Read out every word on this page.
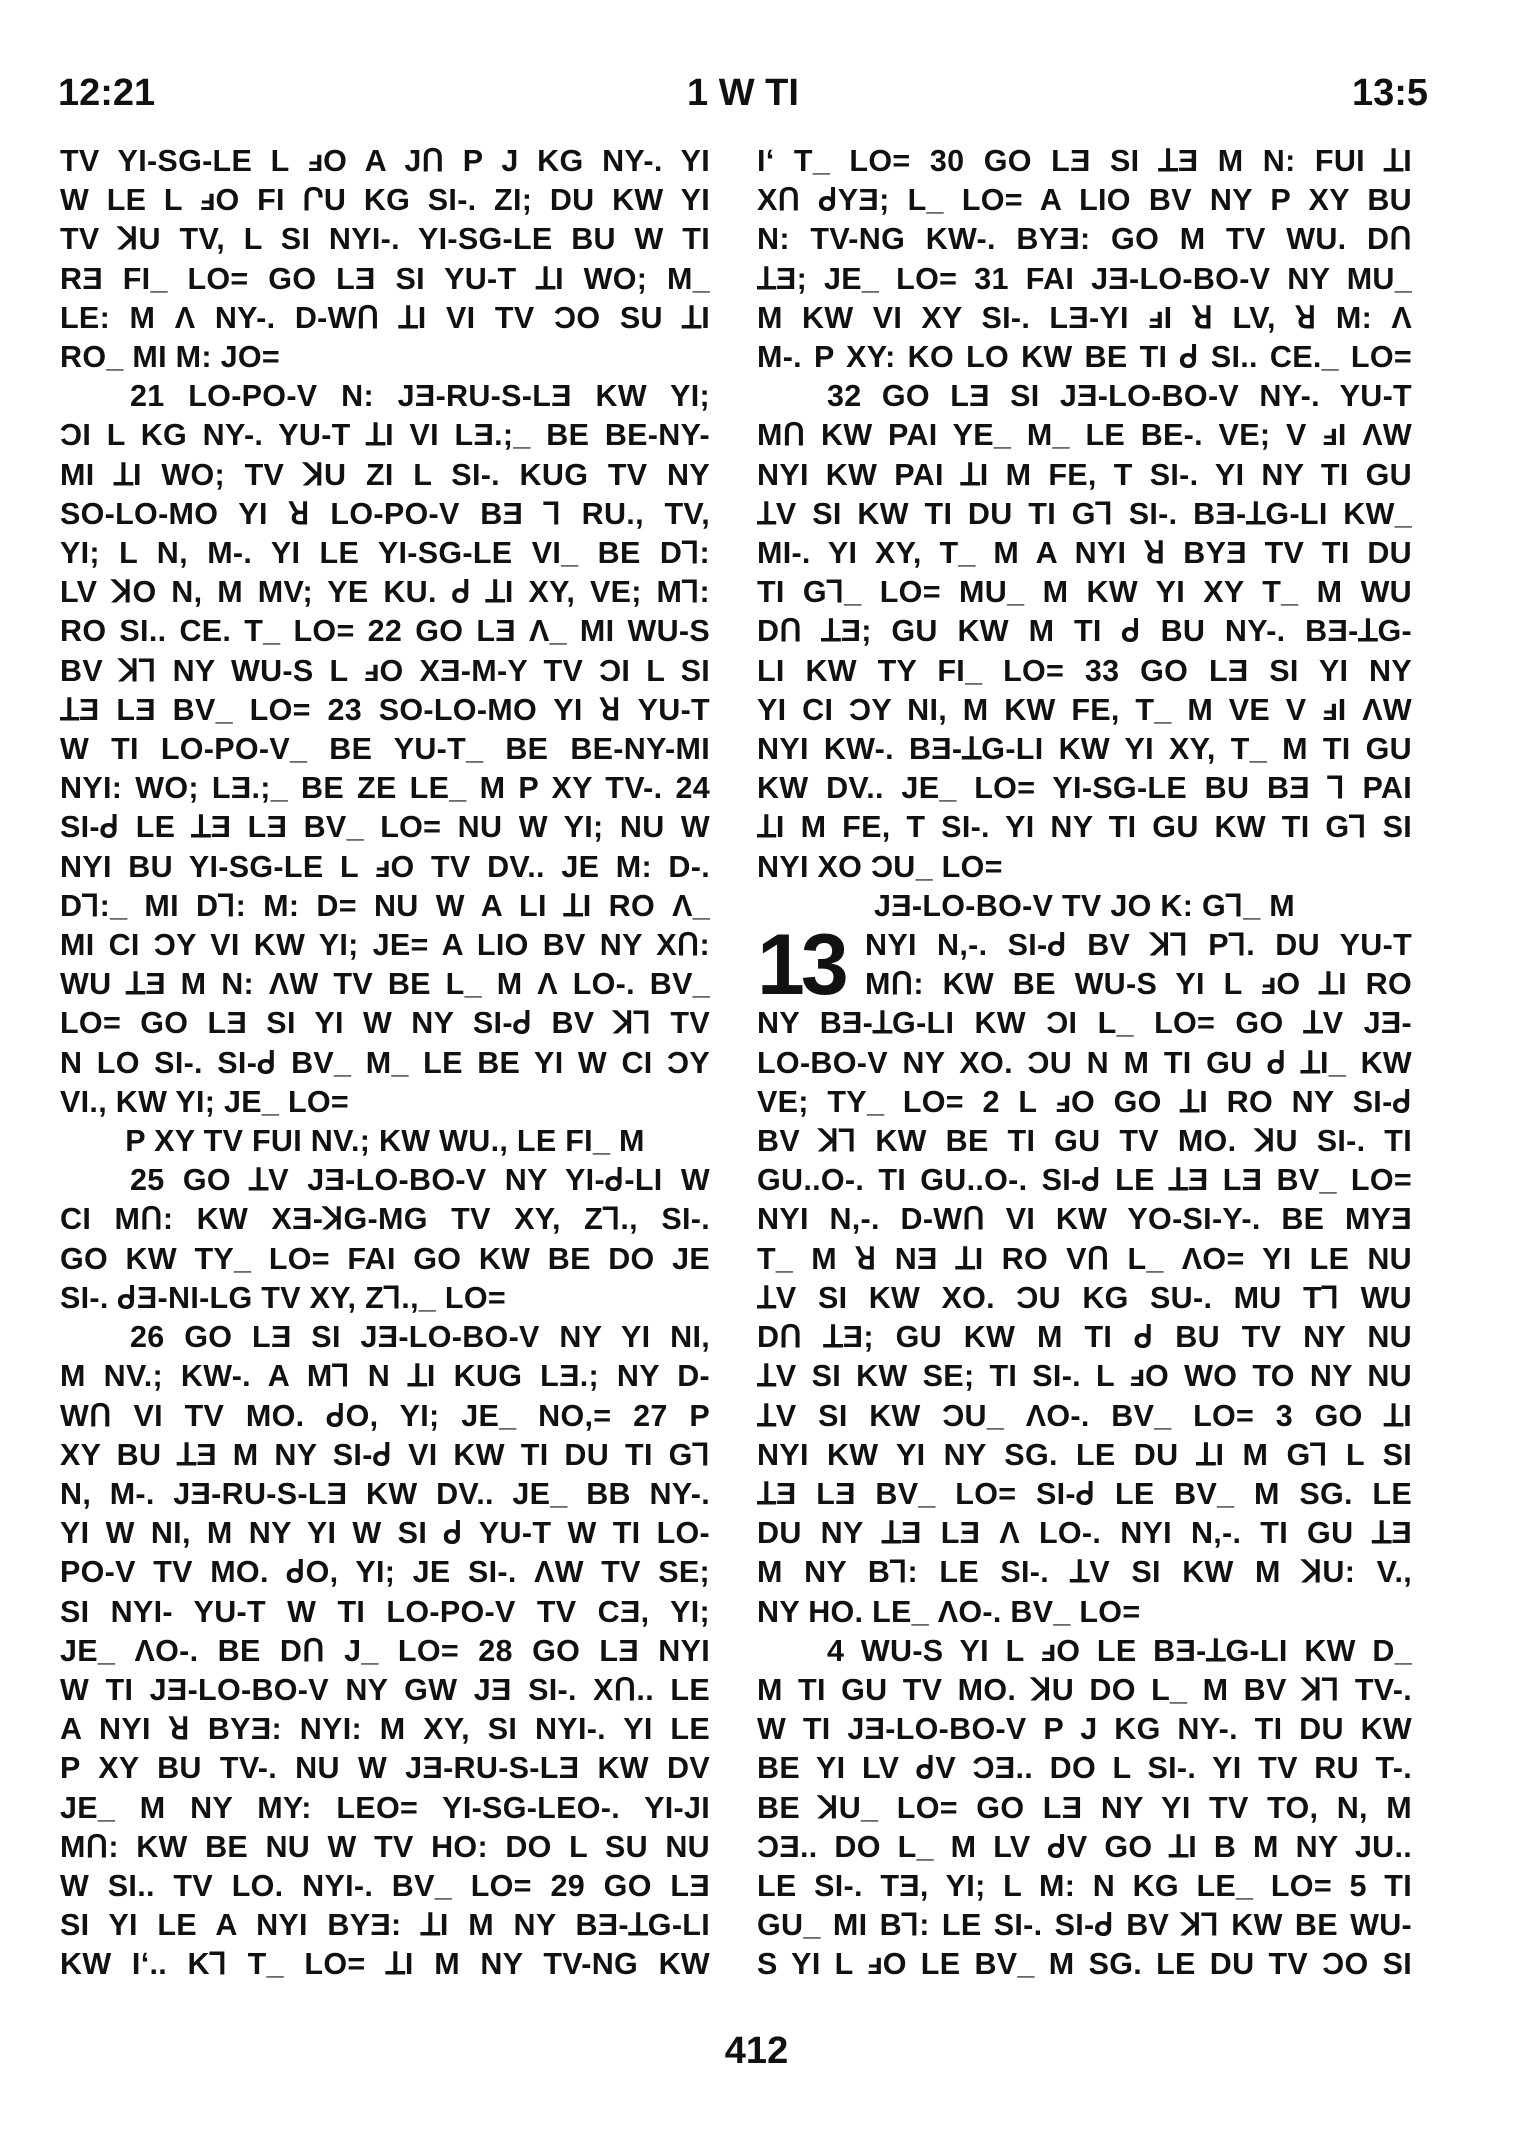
12:21	1 W TI	13:5
TV YI-SG-LE L ⅎO A JՈ P J KG NY-. YI
W LE L ⅎO FI ՐU KG SI-. ZI; DU KW YI
TV ꓘU TV, L SI NYI-. YI-SG-LE BU W TI
RƎ FI_ LO= GO LƎ SI YU-T ꓕI WO; M_
LE: M Λ NY-. D-WՈ ꓕI VI TV ƆO SU ꓕI
RO_ MI M: JO=
21 LO-PO-V N: JƎ-RU-S-LƎ KW YI;
ƆI L KG NY-. YU-T ꓕI VI LƎ.;_ BE BE-NY-
MI ꓕI WO; TV ꓘU ZI L SI-. KUG TV NY
SO-LO-MO YI ꓤ LO-PO-V BƎ ⅂ RU., TV,
YI; L N, M-. YI LE YI-SG-LE VI_ BE D⅂:
LV ꓘO N, M MV; YE KU. ᑯ ꓕI XY, VE; M⅂:
RO SI.. CE. T_ LO= 22 GO LƎ Λ_ MI WU-S
BV ꓘ⅂ NY WU-S L ⅎO XƎ-M-Y TV ƆI L SI
ꓕƎ LƎ BV_ LO= 23 SO-LO-MO YI ꓤ YU-T
W TI LO-PO-V_ BE YU-T_ BE BE-NY-MI
NYI: WO; LƎ.;_ BE ZE LE_ M P XY TV-. 24
SI-ᑯ LE ꓕƎ LƎ BV_ LO= NU W YI; NU W
NYI BU YI-SG-LE L ⅎO TV DV.. JE M: D-.
D⅂:_ MI D⅂: M: D= NU W A LI ꓕI RO Λ_
MI CI ƆY VI KW YI; JE= A LIO BV NY XՈ:
WU ꓕƎ M N: ΛW TV BE L_ M Λ LO-. BV_
LO= GO LƎ SI YI W NY SI-ᑯ BV ꓘ⅂ TV
N LO SI-. SI-ᑯ BV_ M_ LE BE YI W CI ƆY
VI., KW YI; JE_ LO=
P XY TV FUI NV.; KW WU., LE FI_ M
25 GO ꓕV JƎ-LO-BO-V NY YI-ᑯ-LI W
CI MՈ: KW XƎ-ꓘG-MG TV XY, Z⅂., SI-.
GO KW TY_ LO= FAI GO KW BE DO JE
SI-. ᑯƎ-NI-LG TV XY, Z⅂.,_ LO=
26 GO LƎ SI JƎ-LO-BO-V NY YI NI,
M NV.; KW-. A M⅂ N ꓕI KUG LƎ.; NY D-
WՈ VI TV MO. ᑯO, YI; JE_ NO,= 27 P
XY BU ꓕƎ M NY SI-ᑯ VI KW TI DU TI G⅂
N, M-. JƎ-RU-S-LƎ KW DV.. JE_ BB NY-.
YI W NI, M NY YI W SI ᑯ YU-T W TI LO-
PO-V TV MO. ᑯO, YI; JE SI-. ΛW TV SE;
SI NYI- YU-T W TI LO-PO-V TV CƎ, YI;
JE_ ΛO-. BE DՈ J_ LO= 28 GO LƎ NYI
W TI JƎ-LO-BO-V NY GW JƎ SI-. XՈ.. LE
A NYI ꓤ BYƎ: NYI: M XY, SI NYI-. YI LE
P XY BU TV-. NU W JƎ-RU-S-LƎ KW DV
JE_ M NY MY: LEO= YI-SG-LEO-. YI-JI
MՈ: KW BE NU W TV HO: DO L SU NU
W SI.. TV LO. NYI-. BV_ LO= 29 GO LƎ
SI YI LE A NYI BYƎ: ꓕI M NY BƎ-ꓕG-LI
KW Iʻ.. K⅂ T_ LO= ꓕI M NY TV-NG KW
Iʻ T_ LO= 30 GO LƎ SI ꓕƎ M N: FUI ꓕI
XՈ ᑯYƎ; L_ LO= A LIO BV NY P XY BU
N: TV-NG KW-. BYƎ: GO M TV WU. DՈ
ꓕƎ; JE_ LO= 31 FAI JƎ-LO-BO-V NY MU_
M KW VI XY SI-. LƎ-YI ⅎI ꓤ LV, ꓤ M: Λ
M-. P XY: KO LO KW BE TI ᑯ SI.. CE._ LO=
32 GO LƎ SI JƎ-LO-BO-V NY-. YU-T
MՈ KW PAI YE_ M_ LE BE-. VE; V ⅎI ΛW
NYI KW PAI ꓕI M FE, T SI-. YI NY TI GU
ꓕV SI KW TI DU TI G⅂ SI-. BƎ-ꓕG-LI KW_
MI-. YI XY, T_ M A NYI ꓤ BYƎ TV TI DU
TI G⅂_ LO= MU_ M KW YI XY T_ M WU
DՈ ꓕƎ; GU KW M TI ᑯ BU NY-. BƎ-ꓕG-
LI KW TY FI_ LO= 33 GO LƎ SI YI NY
YI CI ƆY NI, M KW FE, T_ M VE V ⅎI ΛW
NYI KW-. BƎ-ꓕG-LI KW YI XY, T_ M TI GU
KW DV.. JE_ LO= YI-SG-LE BU BƎ ⅂ PAI
ꓕI M FE, T SI-. YI NY TI GU KW TI G⅂ SI
NYI XO ƆU_ LO=
JƎ-LO-BO-V TV JO K: G⅂_ M
13 NYI N,-. SI-ᑯ BV ꓘ⅂ P⅂. DU YU-T
MՈ: KW BE WU-S YI L ⅎO ꓕI RO
NY BƎ-ꓕG-LI KW ƆI L_ LO= GO ꓕV JƎ-
LO-BO-V NY XO. ƆU N M TI GU ᑯ ꓕI_ KW
VE; TY_ LO= 2 L ⅎO GO ꓕI RO NY SI-ᑯ
BV ꓘ⅂ KW BE TI GU TV MO. ꓘU SI-. TI
GU..O-. TI GU..O-. SI-ᑯ LE ꓕƎ LƎ BV_ LO=
NYI N,-. D-WՈ VI KW YO-SI-Y-. BE MYƎ
T_ M ꓤ NƎ ꓕI RO VՈ L_ ΛO= YI LE NU
ꓕV SI KW XO. ƆU KG SU-. MU T⅂ WU
DՈ ꓕƎ; GU KW M TI ᑯ BU TV NY NU
ꓕV SI KW SE; TI SI-. L ⅎO WO TO NY NU
ꓕV SI KW ƆU_ ΛO-. BV_ LO= 3 GO ꓕI
NYI KW YI NY SG. LE DU ꓕI M G⅂ L SI
ꓕƎ LƎ BV_ LO= SI-ᑯ LE BV_ M SG. LE
DU NY ꓕƎ LƎ Λ LO-. NYI N,-. TI GU ꓕƎ
M NY B⅂: LE SI-. ꓕV SI KW M ꓘU: V.,
NY HO. LE_ ΛO-. BV_ LO=
4 WU-S YI L ⅎO LE BƎ-ꓕG-LI KW D_
M TI GU TV MO. ꓘU DO L_ M BV ꓘ⅂ TV-.
W TI JƎ-LO-BO-V P J KG NY-. TI DU KW
BE YI LV ᑯV ƆƎ.. DO L SI-. YI TV RU T-.
BE ꓘU_ LO= GO LƎ NY YI TV TO, N, M
ƆƎ.. DO L_ M LV ᑯV GO ꓕI B M NY JU..
LE SI-. TƎ, YI; L M: N KG LE_ LO= 5 TI
GU_ MI B⅂: LE SI-. SI-ᑯ BV ꓘ⅂ KW BE WU-
S YI L ⅎO LE BV_ M SG. LE DU TV ƆO SI
412
